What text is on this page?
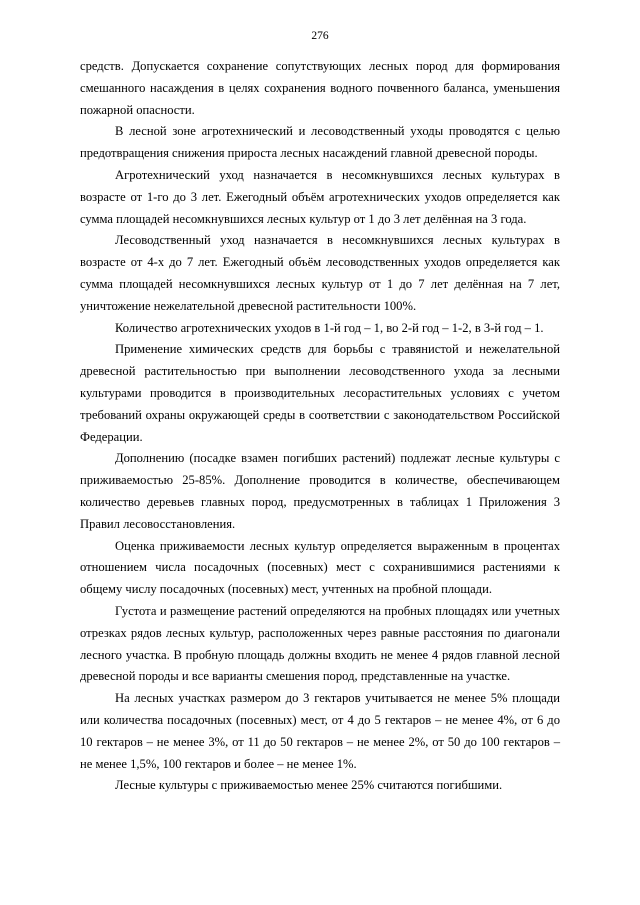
276

средств. Допускается сохранение сопутствующих лесных пород для формирования смешанного насаждения в целях сохранения водного почвенного баланса, уменьшения пожарной опасности.

В лесной зоне агротехнический и лесоводственный уходы проводятся с целью предотвращения снижения прироста лесных насаждений главной древесной породы.

Агротехнический уход назначается в несомкнувшихся лесных культурах в возрасте от 1-го до 3 лет. Ежегодный объём агротехнических уходов определяется как сумма площадей несомкнувшихся лесных культур от 1 до 3 лет делённая на 3 года.

Лесоводственный уход назначается в несомкнувшихся лесных культурах в возрасте от 4-х до 7 лет. Ежегодный объём лесоводственных уходов определяется как сумма площадей несомкнувшихся лесных культур от 1 до 7 лет делённая на 7 лет, уничтожение нежелательной древесной растительности 100%.

Количество агротехнических уходов в 1-й год – 1, во 2-й год – 1-2, в 3-й год – 1.

Применение химических средств для борьбы с травянистой и нежелательной древесной растительностью при выполнении лесоводственного ухода за лесными культурами проводится в производительных лесорастительных условиях с учетом требований охраны окружающей среды в соответствии с законодательством Российской Федерации.

Дополнению (посадке взамен погибших растений) подлежат лесные культуры с приживаемостью 25-85%. Дополнение проводится в количестве, обеспечивающем количество деревьев главных пород, предусмотренных в таблицах 1 Приложения 3 Правил лесовосстановления.

Оценка приживаемости лесных культур определяется выраженным в процентах отношением числа посадочных (посевных) мест с сохранившимися растениями к общему числу посадочных (посевных) мест, учтенных на пробной площади.

Густота и размещение растений определяются на пробных площадях или учетных отрезках рядов лесных культур, расположенных через равные расстояния по диагонали лесного участка. В пробную площадь должны входить не менее 4 рядов главной лесной древесной породы и все варианты смешения пород, представленные на участке.

На лесных участках размером до 3 гектаров учитывается не менее 5% площади или количества посадочных (посевных) мест, от 4 до 5 гектаров – не менее 4%, от 6 до 10 гектаров – не менее 3%, от 11 до 50 гектаров – не менее 2%, от 50 до 100 гектаров – не менее 1,5%, 100 гектаров и более – не менее 1%.

Лесные культуры с приживаемостью менее 25% считаются погибшими.
